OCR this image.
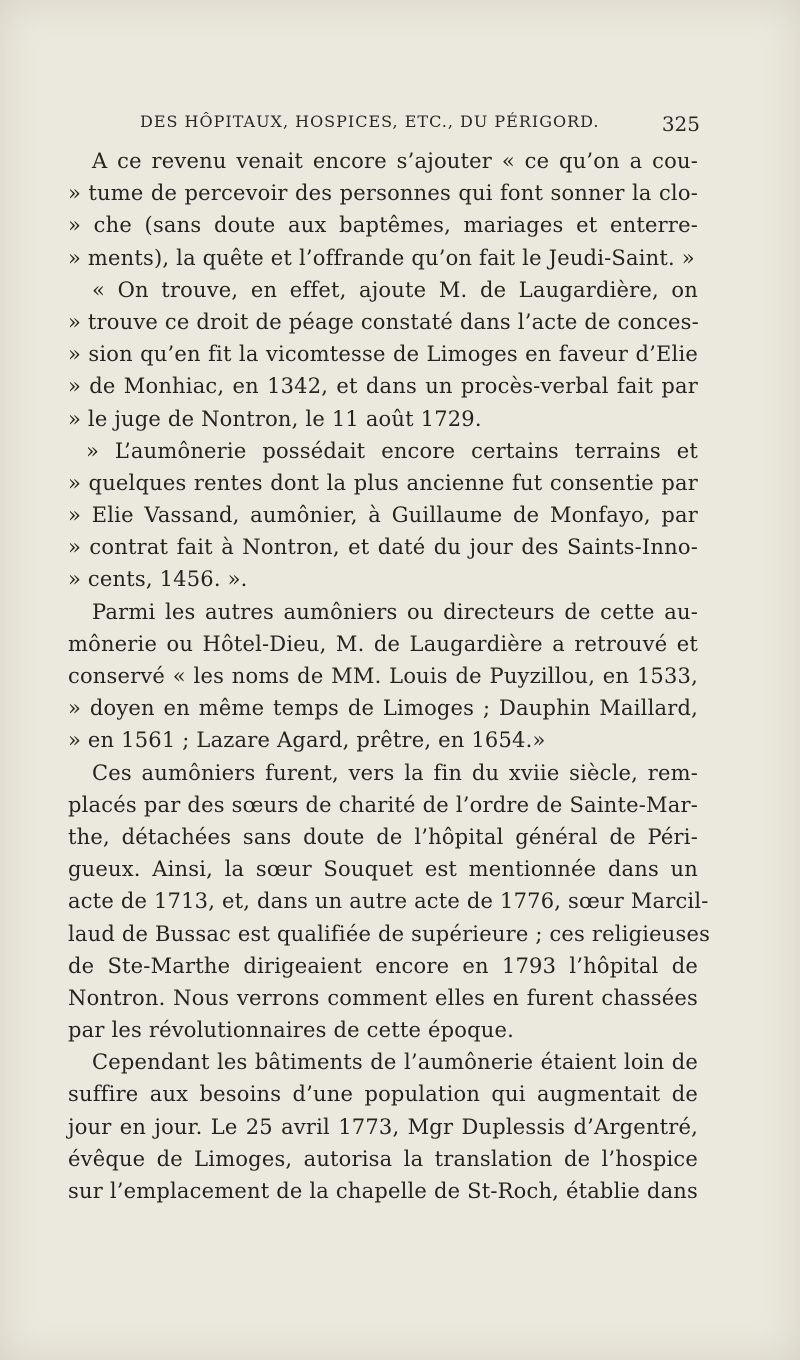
DES HÔPITAUX, HOSPICES, ETC., DU PÉRIGORD.	325
A ce revenu venait encore s’ajouter « ce qu’on a cou-
» tume de percevoir des personnes qui font sonner la clo-
» che (sans doute aux baptêmes, mariages et enterre-
» ments), la quête et l’offrande qu’on fait le Jeudi-Saint. »
« On trouve, en effet, ajoute M. de Laugardière, on
» trouve ce droit de péage constaté dans l’acte de conces-
» sion qu’en fit la vicomtesse de Limoges en faveur d’Elie
» de Monhiac, en 1342, et dans un procès-verbal fait par
» le juge de Nontron, le 11 août 1729.
» L’aumônerie possédait encore certains terrains et
» quelques rentes dont la plus ancienne fut consentie par
» Elie Vassand, aumônier, à Guillaume de Monfayo, par
» contrat fait à Nontron, et daté du jour des Saints-Inno-
» cents, 1456. ».
Parmi les autres aumôniers ou directeurs de cette au-
mônerie ou Hôtel-Dieu, M. de Laugardière a retrouvé et
conservé « les noms de MM. Louis de Puyzillou, en 1533,
» doyen en même temps de Limoges ; Dauphin Maillard,
» en 1561 ; Lazare Agard, prêtre, en 1654.»
Ces aumôniers furent, vers la fin du xviie siècle, rem-
placés par des sœurs de charité de l’ordre de Sainte-Mar-
the, détachées sans doute de l’hôpital général de Péri-
gueux. Ainsi, la sœur Souquet est mentionnée dans un
acte de 1713, et, dans un autre acte de 1776, sœur Marcil-
laud de Bussac est qualifiée de supérieure ; ces religieuses
de Ste-Marthe dirigeaient encore en 1793 l’hôpital de
Nontron. Nous verrons comment elles en furent chassées
par les révolutionnaires de cette époque.
Cependant les bâtiments de l’aumônerie étaient loin de
suffire aux besoins d’une population qui augmentait de
jour en jour. Le 25 avril 1773, Mgr Duplessis d’Argentré,
évêque de Limoges, autorisa la translation de l’hospice
sur l’emplacement de la chapelle de St-Roch, établie dans
